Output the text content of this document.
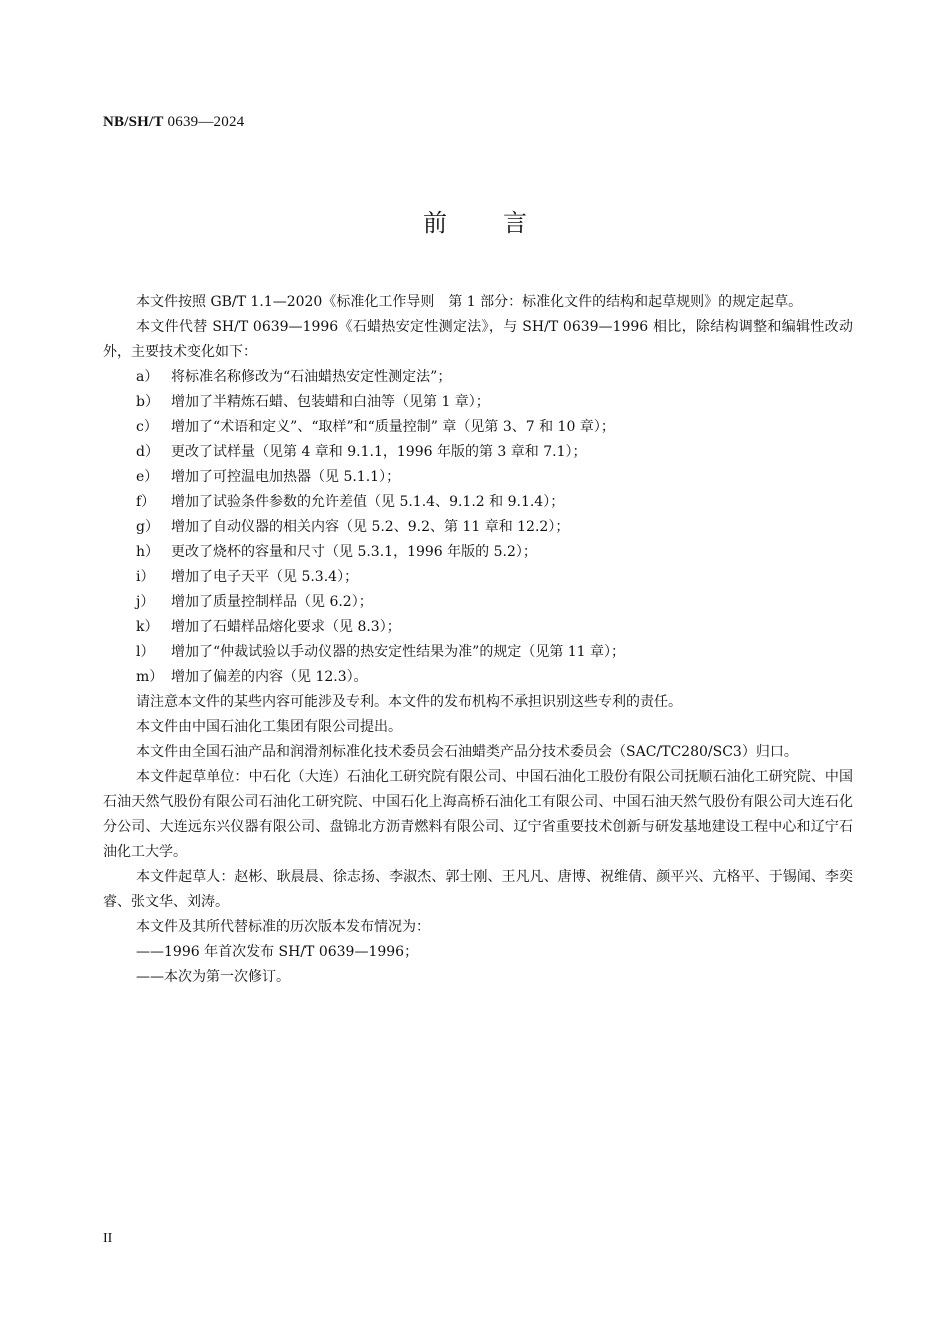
NB/SH/T 0639—2024
前言

本文件按照 GB/T 1.1—2020《标准化工作导则　第 1 部分：标准化文件的结构和起草规则》的规定起草。

本文件代替 SH/T 0639—1996《石蜡热安定性测定法》，与 SH/T 0639—1996 相比，除结构调整和编辑性改动外，主要技术变化如下：

a） 将标准名称修改为“石油蜡热安定性测定法”；
b） 增加了半精炼石蜡、包装蜡和白油等（见第 1 章）；
c） 增加了“术语和定义”、“取样”和“质量控制” 章（见第 3、7 和 10 章）；
d） 更改了试样量（见第 4 章和 9.1.1，1996 年版的第 3 章和 7.1）；
e） 增加了可控温电加热器（见 5.1.1）；
f）	增加了试验条件参数的允许差值（见 5.1.4、9.1.2 和 9.1.4）；
g） 增加了自动仪器的相关内容（见 5.2、9.2、第 11 章和 12.2）；
h） 更改了烧杯的容量和尺寸（见 5.3.1，1996 年版的 5.2）；
i）	增加了电子天平（见 5.3.4）；
j）	增加了质量控制样品（见 6.2）；
k） 增加了石蜡样品熔化要求（见 8.3）；
l）	增加了“仲裁试验以手动仪器的热安定性结果为准”的规定（见第 11 章）；
m） 增加了偏差的内容（见 12.3）。

请注意本文件的某些内容可能涉及专利。本文件的发布机构不承担识别这些专利的责任。

本文件由中国石油化工集团有限公司提出。

本文件由全国石油产品和润滑剂标准化技术委员会石油蜡类产品分技术委员会（SAC/TC280/SC3）归口。

本文件起草单位：中石化（大连）石油化工研究院有限公司、中国石油化工股份有限公司抚顺石油化工研究院、中国石油天然气股份有限公司石油化工研究院、中国石化上海高桥石油化工有限公司、中国石油天然气股份有限公司大连石化分公司、大连远东兴仪器有限公司、盘锦北方沥青燃料有限公司、辽宁省重要技术创新与研发基地建设工程中心和辽宁石油化工大学。

本文件起草人：赵彬、耿晨晨、徐志扬、李淑杰、郭士刚、王凡凡、唐博、祝维倩、颜平兴、亢格平、于锡闻、李奕睿、张文华、刘涛。

本文件及其所代替标准的历次版本发布情况为：

——1996 年首次发布 SH/T 0639—1996；

——本次为第一次修订。

II
